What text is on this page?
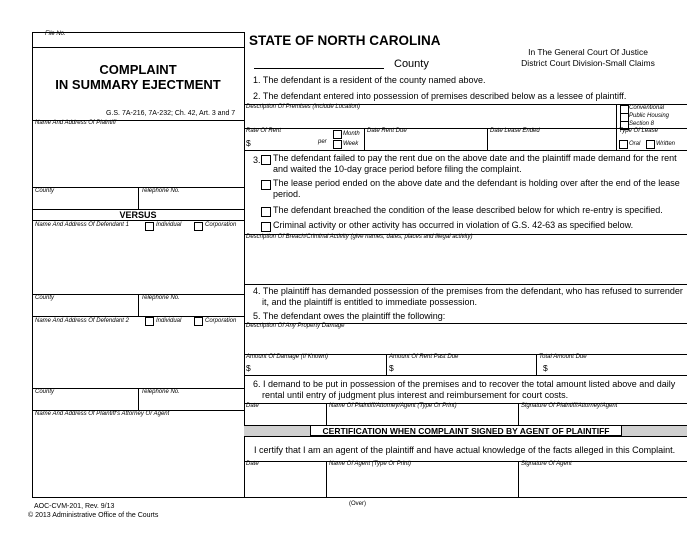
File No.
COMPLAINT
IN SUMMARY EJECTMENT
G.S. 7A-216, 7A-232; Ch. 42, Art. 3 and 7
Name And Address Of Plaintiff
County	Telephone No.
VERSUS
Name And Address Of Defendant 1	Individual	Corporation
County	Telephone No.
Name And Address Of Defendant 2	Individual	Corporation
County	Telephone No.
Name And Address Of Plaintiff's Attorney Or Agent
STATE OF NORTH CAROLINA
County
In The General Court Of Justice
District Court Division-Small Claims
1. The defendant is a resident of the county named above.
2. The defendant entered into possession of premises described below as a lessee of plaintiff.
Description Of Premises (Include Location)	Conventional
Public Housing
Section 8
Rate Of Rent
$	per
Month
Week
Date Rent Due	Date Lease Ended	Type Of Lease
Oral	Written
3. The defendant failed to pay the rent due on the above date and the plaintiff made demand for the rent
and waited the 10-day grace period before filing the complaint.
The lease period ended on the above date and the defendant is holding over after the end of the lease
period.
The defendant breached the condition of the lease described below for which re-entry is specified.
Criminal activity or other activity has occurred in violation of G.S. 42-63 as specified below.
Description Of Breach/Criminal Activity (give names, dates, places and illegal activity)
4. The plaintiff has demanded possession of the premises from the defendant, who has refused to surrender
it, and the plaintiff is entitled to immediate possession.
5. The defendant owes the plaintiff the following:
Description Of Any Property Damage
Amount Of Damage (If Known)
$
Amount Of Rent Past Due
$
Total Amount Due
$
6. I demand to be put in possession of the premises and to recover the total amount listed above and daily
rental until entry of judgment plus interest and reimbursement for court costs.
Date	Name Of Plaintiff/Attorney/Agent (Type Or Print)	Signature Of Plaintiff/Attorney/Agent
CERTIFICATION WHEN COMPLAINT SIGNED BY AGENT OF PLAINTIFF
I certify that I am an agent of the plaintiff and have actual knowledge of the facts alleged in this Complaint.
Date	Name Of Agent (Type Or Print)	Signature Of Agent
AOC-CVM-201, Rev. 9/13
© 2013 Administrative Office of the Courts
(Over)
